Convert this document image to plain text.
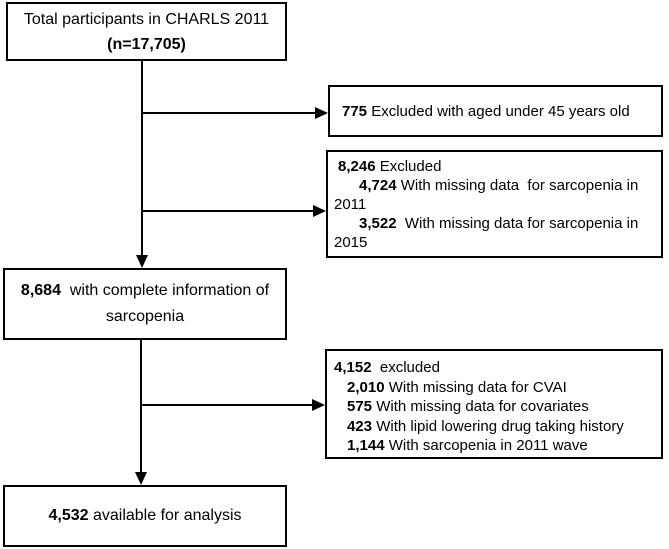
Total participants in CHARLS 2011
(n=17,705)
775 Excluded with aged under 45 years old
8,246 Excluded
4,724 With missing data  for sarcopenia in 2011
3,522  With missing data for sarcopenia in 2015
8,684  with complete information of sarcopenia
4,152  excluded
2,010 With missing data for CVAI
575 With missing data for covariates
423 With lipid lowering drug taking history
1,144 With sarcopenia in 2011 wave
4,532 available for analysis
